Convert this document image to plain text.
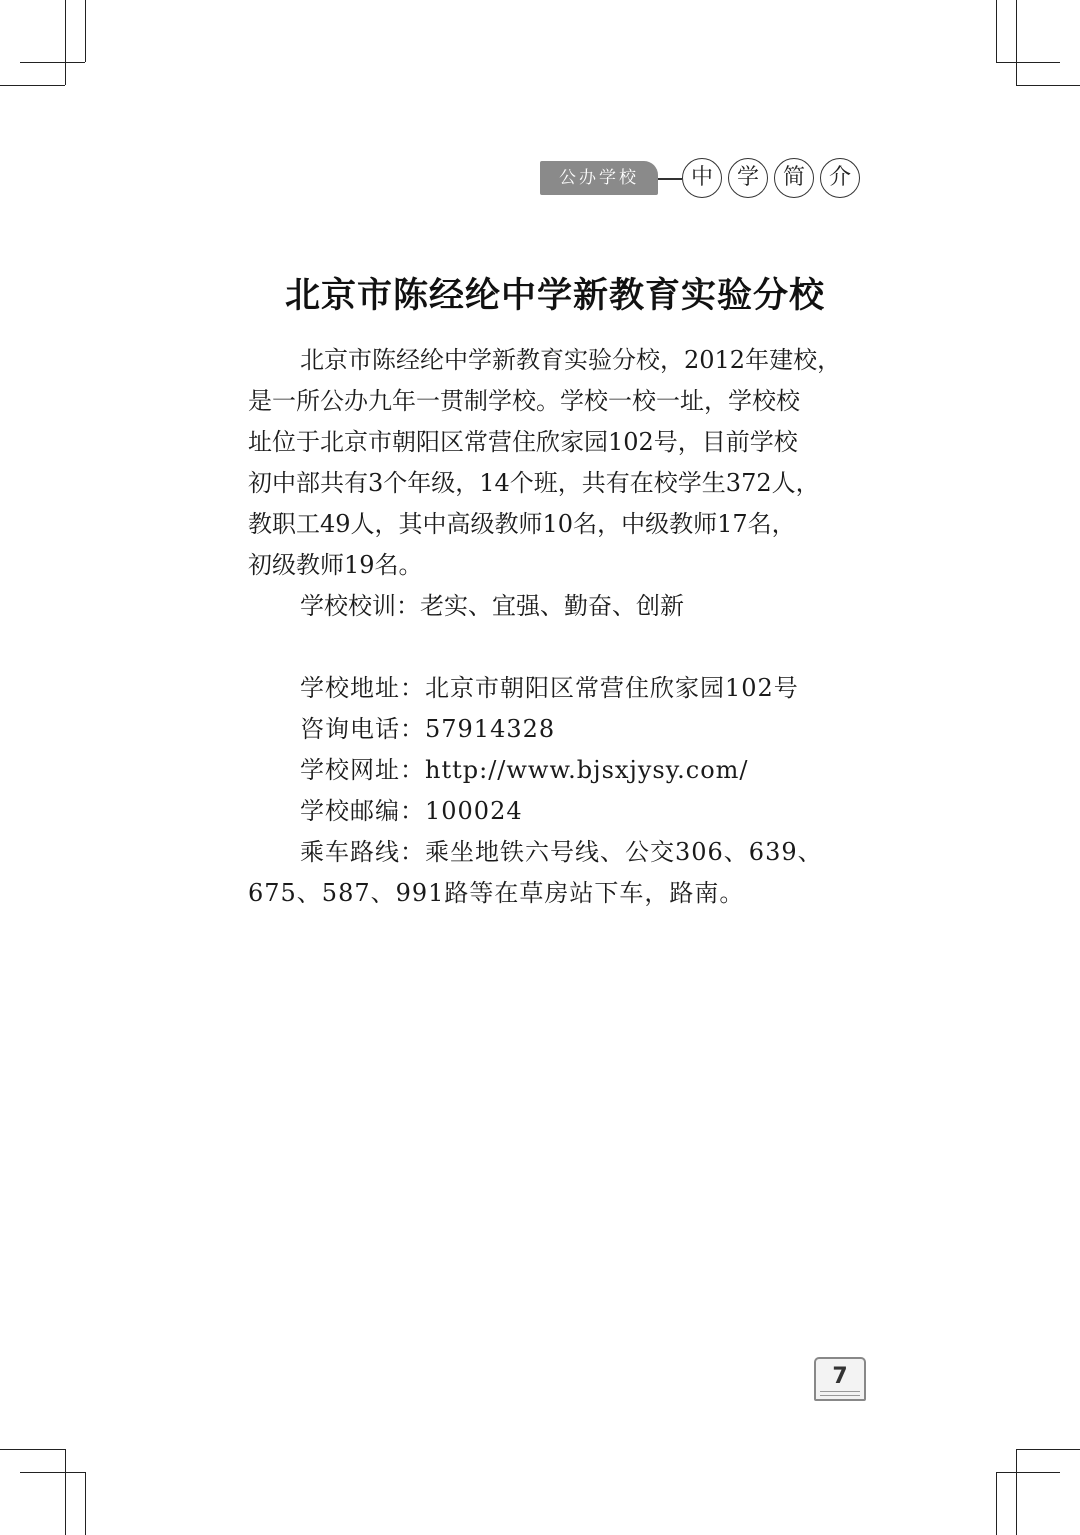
公办学校	中	学	简	介
北京市陈经纶中学新教育实验分校
北京市陈经纶中学新教育实验分校，2012年建校，
是一所公办九年一贯制学校。学校一校一址，学校校
址位于北京市朝阳区常营住欣家园102号，目前学校
初中部共有3个年级，14个班，共有在校学生372人，
教职工49人，其中高级教师10名，中级教师17名，
初级教师19名。
学校校训：老实、宜强、勤奋、创新
学校地址：北京市朝阳区常营住欣家园102号
咨询电话：57914328
学校网址：http://www.bjsxjysy.com/
学校邮编：100024
乘车路线：乘坐地铁六号线、公交306、639、
675、587、991路等在草房站下车，路南。
7
